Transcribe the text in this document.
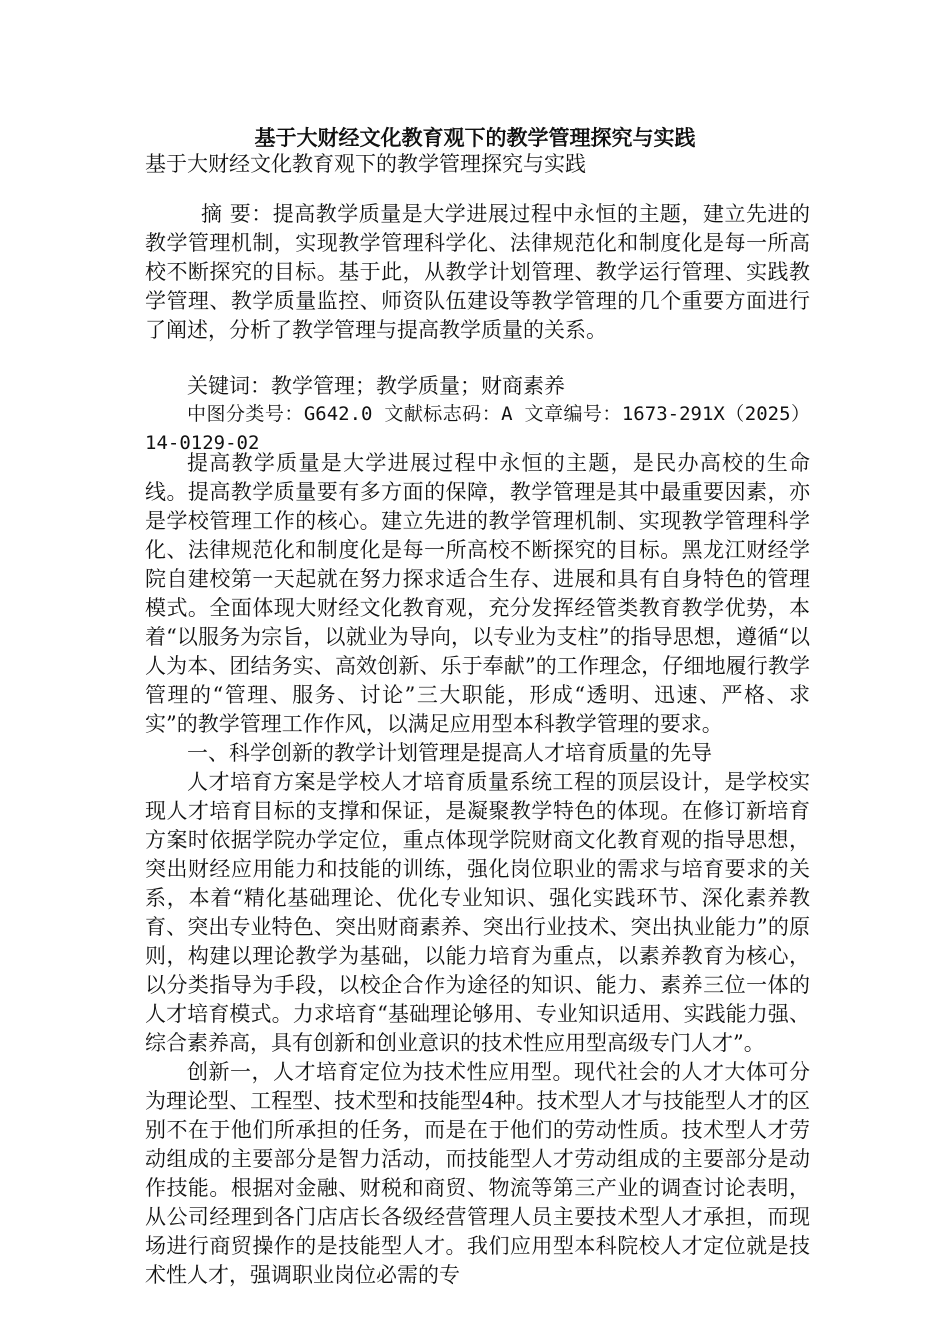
基于大财经文化教育观下的教学管理探究与实践
基于大财经文化教育观下的教学管理探究与实践
摘 要：提高教学质量是大学进展过程中永恒的主题，建立先进的教学管理机制，实现教学管理科学化、法律规范化和制度化是每一所高校不断探究的目标。基于此，从教学计划管理、教学运行管理、实践教学管理、教学质量监控、师资队伍建设等教学管理的几个重要方面进行了阐述，分析了教学管理与提高教学质量的关系。
关键词：教学管理；教学质量；财商素养
中图分类号：G642.0 文献标志码：A 文章编号：1673-291X（2025）14-0129-02

提高教学质量是大学进展过程中永恒的主题，是民办高校的生命线。提高教学质量要有多方面的保障，教学管理是其中最重要因素，亦是学校管理工作的核心。建立先进的教学管理机制、实现教学管理科学化、法律规范化和制度化是每一所高校不断探究的目标。黑龙江财经学院自建校第一天起就在努力探求适合生存、进展和具有自身特色的管理模式。全面体现大财经文化教育观，充分发挥经管类教育教学优势，本着“以服务为宗旨，以就业为导向，以专业为支柱”的指导思想，遵循“以人为本、团结务实、高效创新、乐于奉献”的工作理念，仔细地履行教学管理的“管理、服务、讨论”三大职能，形成“透明、迅速、严格、求实”的教学管理工作作风，以满足应用型本科教学管理的要求。

一、科学创新的教学计划管理是提高人才培育质量的先导

人才培育方案是学校人才培育质量系统工程的顶层设计，是学校实现人才培育目标的支撑和保证，是凝聚教学特色的体现。在修订新培育方案时依据学院办学定位，重点体现学院财商文化教育观的指导思想，突出财经应用能力和技能的训练，强化岗位职业的需求与培育要求的关系，本着“精化基础理论、优化专业知识、强化实践环节、深化素养教育、突出专业特色、突出财商素养、突出行业技术、突出执业能力”的原则，构建以理论教学为基础，以能力培育为重点，以素养教育为核心，以分类指导为手段，以校企合作为途径的知识、能力、素养三位一体的人才培育模式。力求培育“基础理论够用、专业知识适用、实践能力强、综合素养高，具有创新和创业意识的技术性应用型高级专门人才”。

创新一，人才培育定位为技术性应用型。现代社会的人才大体可分为理论型、工程型、技术型和技能型4种。技术型人才与技能型人才的区别不在于他们所承担的任务，而是在于他们的劳动性质。技术型人才劳动组成的主要部分是智力活动，而技能型人才劳动组成的主要部分是动作技能。根据对金融、财税和商贸、物流等第三产业的调查讨论表明，从公司经理到各门店店长各级经营管理人员主要技术型人才承担，而现场进行商贸操作的是技能型人才。我们应用型本科院校人才定位就是技术性人才，强调职业岗位必需的专
